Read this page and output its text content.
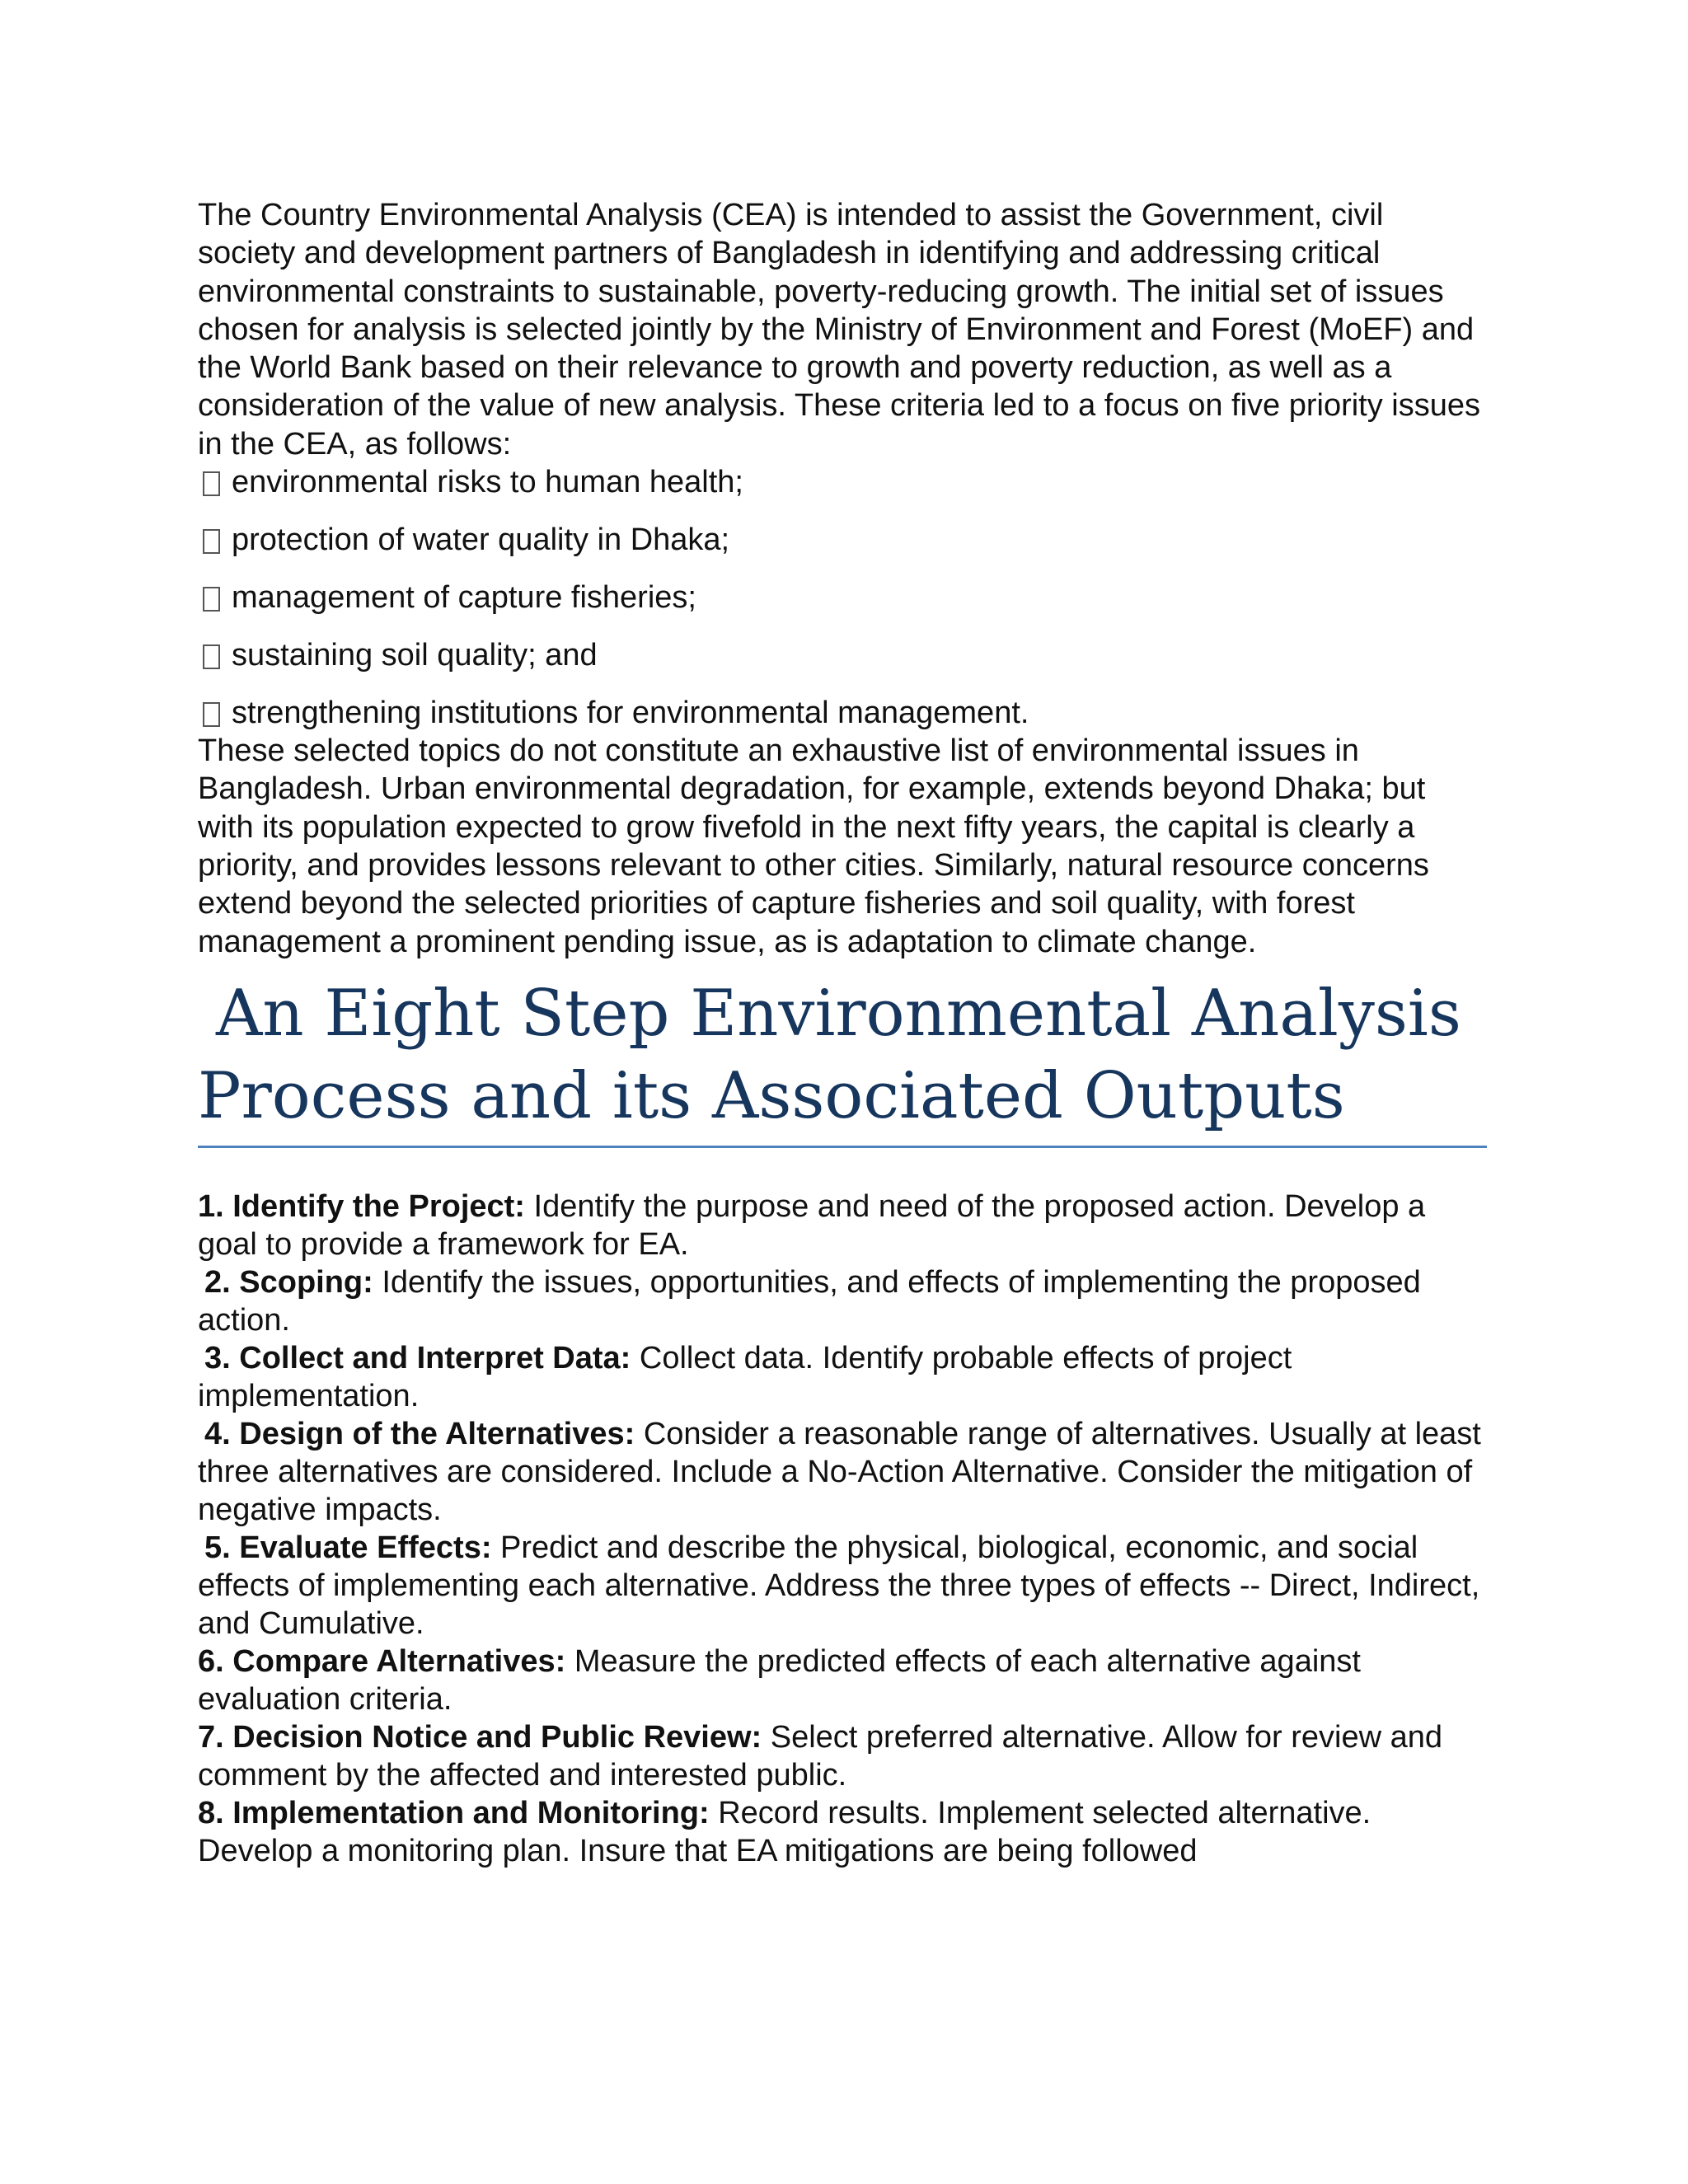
The Country Environmental Analysis (CEA) is intended to assist the Government, civil society and development partners of Bangladesh in identifying and addressing critical environmental constraints to sustainable, poverty-reducing growth. The initial set of issues chosen for analysis is selected jointly by the Ministry of Environment and Forest (MoEF) and the World Bank based on their relevance to growth and poverty reduction, as well as a consideration of the value of new analysis. These criteria led to a focus on five priority issues in the CEA, as follows:

environmental risks to human health;
protection of water quality in Dhaka;
management of capture fisheries;
sustaining soil quality; and
strengthening institutions for environmental management.

These selected topics do not constitute an exhaustive list of environmental issues in Bangladesh. Urban environmental degradation, for example, extends beyond Dhaka; but with its population expected to grow fivefold in the next fifty years, the capital is clearly a priority, and provides lessons relevant to other cities. Similarly, natural resource concerns extend beyond the selected priorities of capture fisheries and soil quality, with forest management a prominent pending issue, as is adaptation to climate change.

An Eight Step Environmental Analysis
Process and its Associated Outputs

1. Identify the Project: Identify the purpose and need of the proposed action. Develop a goal to provide a framework for EA.

2. Scoping: Identify the issues, opportunities, and effects of implementing the proposed action.

3. Collect and Interpret Data: Collect data. Identify probable effects of project implementation.

4. Design of the Alternatives: Consider a reasonable range of alternatives. Usually at least three alternatives are considered. Include a No-Action Alternative. Consider the mitigation of negative impacts.

5. Evaluate Effects: Predict and describe the physical, biological, economic, and social effects of implementing each alternative. Address the three types of effects -- Direct, Indirect, and Cumulative.

6. Compare Alternatives: Measure the predicted effects of each alternative against evaluation criteria.

7. Decision Notice and Public Review: Select preferred alternative. Allow for review and comment by the affected and interested public.

8. Implementation and Monitoring: Record results. Implement selected alternative. Develop a monitoring plan. Insure that EA mitigations are being followed
